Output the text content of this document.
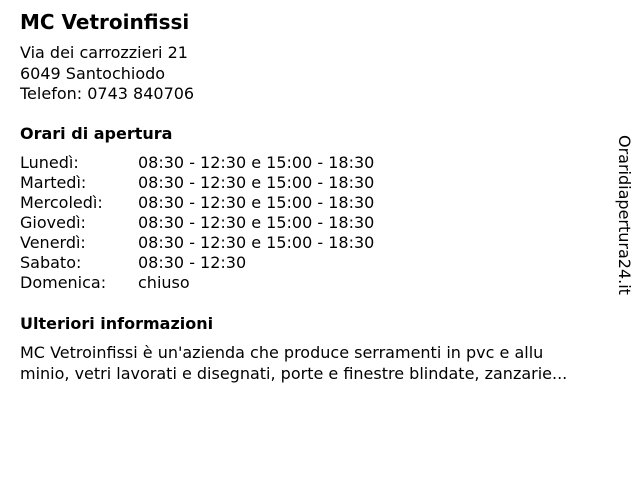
MC Vetroinfissi
Via dei carrozzieri 21
6049 Santochiodo
Telefon: 0743 840706
Orari di apertura
Lunedì:	08:30 - 12:30 e 15:00 - 18:30
Martedì:	08:30 - 12:30 e 15:00 - 18:30
Mercoledì:	08:30 - 12:30 e 15:00 - 18:30
Giovedì:	08:30 - 12:30 e 15:00 - 18:30
Venerdì:	08:30 - 12:30 e 15:00 - 18:30
Sabato:	08:30 - 12:30
Domenica:	chiuso
Ulteriori informazioni
MC Vetroinfissi è un'azienda che produce serramenti in pvc e allu
minio, vetri lavorati e disegnati, porte e finestre blindate, zanzarie...
Oraridiapertura24.it
